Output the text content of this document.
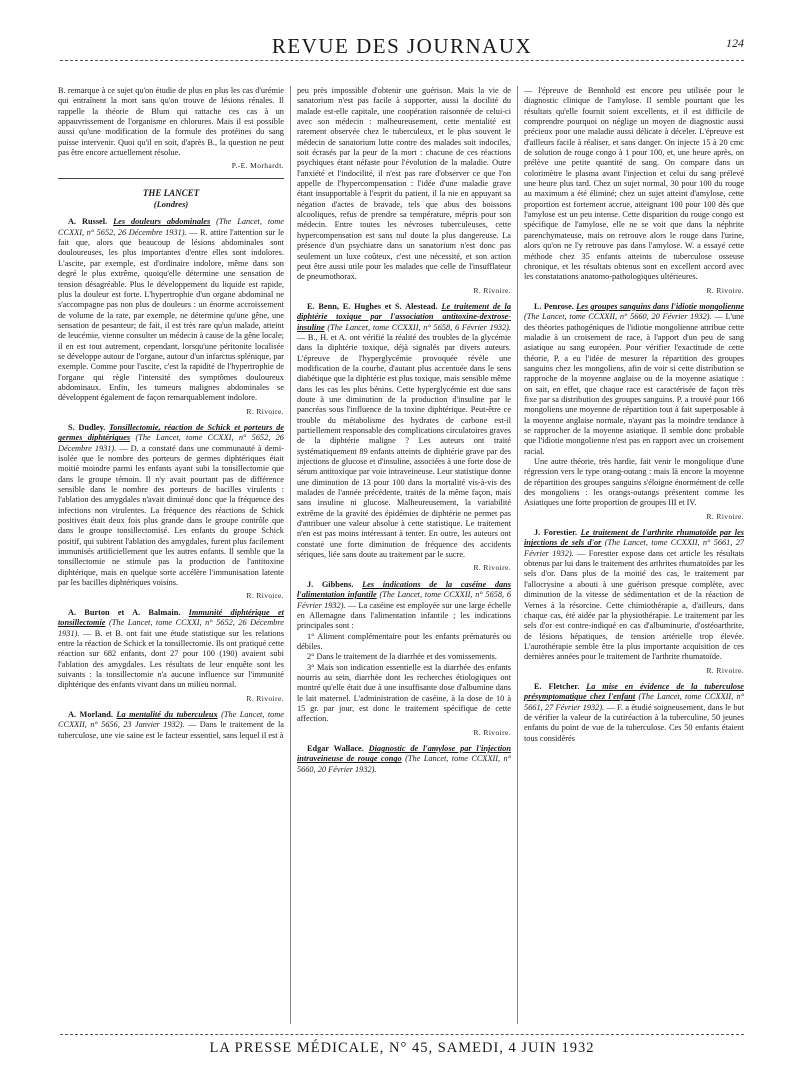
REVUE DES JOURNAUX	124

B. remarque à ce sujet qu'on étudie de plus en plus les cas d'urémie qui entraînent la mort sans qu'on trouve de lésions rénales. Il rappelle la théorie de Blum qui rattache ces cas à un appauvrissement de l'organisme en chlorures. Mais il est possible aussi qu'une modification de la formule des protéines du sang puisse intervenir. Quoi qu'il en soit, d'après B., la question ne peut pas être encore actuellement résolue.

P.-E. Morhardt.
THE LANCET
(Londres)

A. Russel. Les douleurs abdominales (The Lancet, tome CCXXI, n° 5652, 26 Décembre 1931). — R. attire l'attention sur le fait que, alors que beaucoup de lésions abdominales sont douloureuses, les plus importantes d'entre elles sont indolores. L'ascite, par exemple, est d'ordinaire indolore, même dans son degré le plus extrême, quoiqu'elle détermine une sensation de tension désagréable. Plus le développement du liquide est rapide, plus la douleur est forte. L'hypertrophie d'un organe abdominal ne s'accompagne pas non plus de douleurs : un énorme accroissement de volume de la rate, par exemple, ne détermine qu'une gêne, une sensation de pesanteur; de fait, il est très rare qu'un malade, atteint de leucémie, vienne consulter un médecin à cause de la gêne locale; il en est tout autrement, cependant, lorsqu'une péritonite localisée se développe autour de l'organe, autour d'un infarctus splénique, par exemple. Comme pour l'ascite, c'est la rapidité de l'hypertrophie de l'organe qui règle l'intensité des symptômes douloureux abdominaux. Enfin, les tumeurs malignes abdominales se développent également de façon remarquablement indolore.

R. Rivoire.

S. Dudley. Tonsillectomie, réaction de Schick et porteurs de germes diphtériques (The Lancet, tome CCXXI, n° 5652, 26 Décembre 1931). — D. a constaté dans une communauté à demi-isolée que le nombre des porteurs de germes diphtériques était moitié moindre parmi les enfants ayant subi la tonsillectomie que dans le groupe témoin. Il n'y avait pourtant pas de différence sensible dans le nombre des porteurs de bacilles virulents : l'ablation des amygdales n'avait diminué donc que la fréquence des infections non virulentes. La fréquence des réactions de Schick positives était deux fois plus grande dans le groupe contrôle que dans le groupe tonsillectomisé. Les enfants du groupe Schick positif, qui subirent l'ablation des amygdales, furent plus facilement immunisés artificiellement que les autres enfants. Il semble que la tonsillectomie ne stimule pas la production de l'antitoxine diphtérique, mais en quelque sorte accélère l'immunisation latente par les bacilles diphtériques voisins.

R. Rivoire.

A. Burton et A. Balmain. Immunité diphtérique et tonsillectomie (The Lancet, tome CCXXI, n° 5652, 26 Décembre 1931). — B. et B. ont fait une étude statistique sur les relations entre la réaction de Schick et la tonsillectomie. Ils ont pratiqué cette réaction sur 682 enfants, dont 27 pour 100 (190) avaient subi l'ablation des amygdales. Les résultats de leur enquête sont les suivants : la tonsillectomie n'a aucune influence sur l'immunité diphtérique des enfants vivant dans un milieu normal.

R. Rivoire.

A. Morland. La mentalité du tuberculeux (The Lancet, tome CCXXII, n° 5656, 23 Janvier 1932). — Dans le traitement de la tuberculose, une vie saine est le facteur essentiel, sans lequel il est à

peu près impossible d'obtenir une guérison. Mais la vie de sanatorium n'est pas facile à supporter, aussi la docilité du malade est-elle capitale, une coopération raisonnée de celui-ci avec son médecin : malheureusement, cette mentalité est rarement observée chez le tuberculeux, et le plus souvent le médecin de sanatorium lutte contre des malades soit indociles, soit écrasés par la peur de la mort : chacune de ces réactions psychiques étant néfaste pour l'évolution de la maladie. Outre l'anxiété et l'indocilité, il n'est pas rare d'observer ce que l'on appelle de l'hypercompensation : l'idée d'une maladie grave étant insupportable à l'esprit du patient, il la nie en appuyant sa négation d'actes de bravade, tels que abus des boissons alcooliques, refus de prendre sa température, mépris pour son médecin. Entre toutes les névroses tuberculeuses, cette hypercompensation est sans nul doute la plus dangereuse. La présence d'un psychiatre dans un sanatorium n'est donc pas seulement un luxe coûteux, c'est une nécessité, et son action peut être aussi utile pour les malades que celle de l'insufflateur de pneumothorax.

R. Rivoire.

E. Benn, E. Hughes et S. Alestead. Le traitement de la diphtérie toxique par l'association antitoxine-dextrose-insuline (The Lancet, tome CCXXII, n° 5658, 6 Février 1932). — B., H. et A. ont vérifié la réalité des troubles de la glycémie dans la diphtérie toxique, déjà signalés par divers auteurs. L'épreuve de l'hyperglycémie provoquée révèle une modification de la courbe, d'autant plus accentuée dans le sens diabétique que la diphtérie est plus toxique, mais sensible même dans les cas les plus bénins. Cette hyperglycémie est due sans doute à une diminution de la production d'insuline par le pancréas sous l'influence de la toxine diphtérique. Peut-être ce trouble du métabolisme des hydrates de carbone est-il partiellement responsable des complications circulatoires graves de la diphtérie maligne ? Les auteurs ont traité systématiquement 89 enfants atteints de diphtérie grave par des injections de glucose et d'insuline, associées à une forte dose de sérum antitoxique par voie intraveineuse. Leur statistique donne une diminution de 13 pour 100 dans la mortalité vis-à-vis des malades de l'année précédente, traités de la même façon, mais sans insuline ni glucose. Malheureusement, la variabilité extrême de la gravité des épidémies de diphtérie ne permet pas d'attribuer une valeur absolue à cette statistique. Le traitement n'en est pas moins intéressant à tenter. En outre, les auteurs ont constaté une forte diminution de fréquence des accidents sériques, liée sans doute au traitement par le sucre.

R. Rivoire.

J. Gibbens. Les indications de la caséine dans l'alimentation infantile (The Lancet, tome CCXXII, n° 5658, 6 Février 1932). — La caséine est employée sur une large échelle en Allemagne dans l'alimentation infantile ; les indications principales sont :

1° Aliment complémentaire pour les enfants prématurés ou débiles.

2° Dans le traitement de la diarrhée et des vomissements.

3° Mais son indication essentielle est la diarrhée des enfants nourris au sein, diarrhée dont les recherches étiologiques ont montré qu'elle était due à une insuffisante dose d'albumine dans le lait maternel. L'administration de caséine, à la dose de 10 à 15 gr. par jour, est donc le traitement spécifique de cette affection.

R. Rivoire.

Edgar Wallace. Diagnostic de l'amylose par l'injection intraveineuse de rouge congo (The Lancet, tome CCXXII, n° 5660, 20 Février 1932).

— l'épreuve de Bennhold est encore peu utilisée pour le diagnostic clinique de l'amylose. Il semble pourtant que les résultats qu'elle fournit soient excellents, et il est difficile de comprendre pourquoi on néglige un moyen de diagnostic aussi précieux pour une maladie aussi délicate à déceler. L'épreuve est d'ailleurs facile à réaliser, et sans danger. On injecte 15 à 20 cmc de solution de rouge congo à 1 pour 100, et, une heure après, on prélève une petite quantité de sang. On compare dans un colorimètre le plasma avant l'injection et celui du sang prélevé une heure plus tard. Chez un sujet normal, 30 pour 100 du rouge au maximum a été éliminé; chez un sujet atteint d'amylose, cette proportion est fortement accrue, atteignant 100 pour 100 dès que l'amylose est un peu intense. Cette disparition du rouge congo est spécifique de l'amylose, elle ne se voit que dans la néphrite parenchymateuse, mais on retrouve alors le rouge dans l'urine, alors qu'on ne l'y retrouve pas dans l'amylose. W. a essayé cette méthode chez 35 enfants atteints de tuberculose osseuse chronique, et les résultats obtenus sont en excellent accord avec les constatations anatomo-pathologiques ultérieures.

R. Rivoire.

L. Penrose. Les groupes sanguins dans l'idiotie mongolienne (The Lancet, tome CCXXII, n° 5660, 20 Février 1932). — L'une des théories pathogéniques de l'idiotie mongolienne attribue cette maladie à un croisement de race, à l'apport d'un peu de sang asiatique au sang européen. Pour vérifier l'exactitude de cette théorie, P. a eu l'idée de mesurer la répartition des groupes sanguins chez les mongoliens, afin de voir si cette distribution se rapproche de la moyenne anglaise ou de la moyenne asiatique : on sait, en effet, que chaque race est caractérisée de façon très fixe par sa distribution des groupes sanguins. P. a trouvé pour 166 mongoliens une moyenne de répartition tout à fait superposable à la moyenne anglaise normale, n'ayant pas la moindre tendance à se rapprocher de la moyenne asiatique. Il semble donc probable que l'idiotie mongolienne n'est pas en rapport avec un croisement racial.

Une autre théorie, très hardie, fait venir le mongolique d'une régression vers le type orang-outang : mais là encore la moyenne de répartition des groupes sanguins s'éloigne énormément de celle des mongoliens : les orangs-outangs présentent comme les Asiatiques une forte proportion de groupes III et IV.

R. Rivoire.

J. Forestier. Le traitement de l'arthrite rhumatoïde par les injections de sels d'or (The Lancet, tome CCXXII, n° 5661, 27 Février 1932). — Forestier expose dans cet article les résultats obtenus par lui dans le traitement des arthrites rhumatoïdes par les sels d'or. Dans plus de la moitié des cas, le traitement par l'allocrysine a abouti à une guérison presque complète, avec diminution de la vitesse de sédimentation et de la réaction de Vernes à la résorcine. Cette chimiothérapie a, d'ailleurs, dans chaque cas, été aidée par la physiothérapie. Le traitement par les sels d'or est contre-indiqué en cas d'albuminurie, d'ostéoarthrite, de lésions hépatiques, de tension artérielle trop élevée. L'aurothérapie semble être la plus importante acquisition de ces dernières années pour le traitement de l'arthrite rhumatoïde.

R. Rivoire.

E. Fletcher. La mise en évidence de la tuberculose présymptomatique chez l'enfant (The Lancet, tome CCXXII, n° 5661, 27 Février 1932). — F. a étudié soigneusement, dans le but de vérifier la valeur de la cutiréaction à la tuberculine, 50 jeunes enfants du point de vue de la tuberculose. Ces 50 enfants étaient tous considérés

LA PRESSE MÉDICALE, N° 45, SAMEDI, 4 JUIN 1932
